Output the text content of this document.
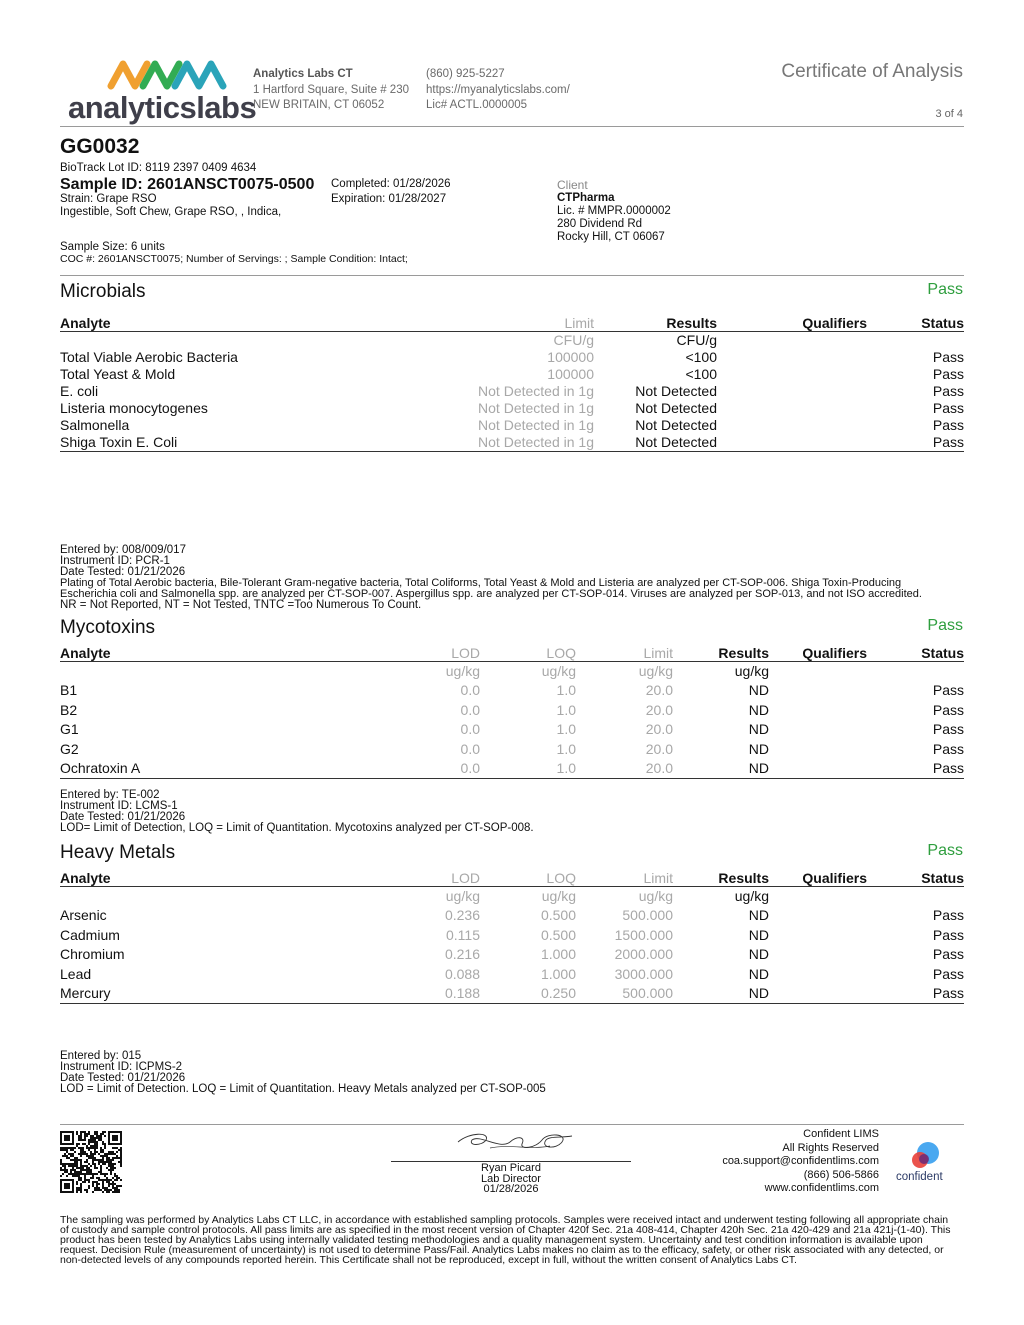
analyticslabs
Analytics Labs CT
1 Hartford Square, Suite # 230
NEW BRITAIN, CT 06052
(860) 925-5227
https://myanalyticslabs.com/
Lic# ACTL.0000005
Certificate of Analysis
3 of 4
GG0032
BioTrack Lot ID: 8119 2397 0409 4634
Sample ID: 2601ANSCT0075-0500
Strain: Grape RSO
Ingestible, Soft Chew, Grape RSO, , Indica,
Completed: 01/28/2026
Expiration: 01/28/2027
Sample Size: 6 units
COC #: 2601ANSCT0075; Number of Servings: ; Sample Condition: Intact;
Client
CTPharma
Lic. # MMPR.0000002
280 Dividend Rd
Rocky Hill, CT 06067
Microbials	Pass
Analyte	Limit	Results	Qualifiers	Status
	CFU/g	CFU/g		
Total Viable Aerobic Bacteria	100000	<100		Pass
Total Yeast & Mold	100000	<100		Pass
E. coli	Not Detected in 1g	Not Detected		Pass
Listeria monocytogenes	Not Detected in 1g	Not Detected		Pass
Salmonella	Not Detected in 1g	Not Detected		Pass
Shiga Toxin E. Coli	Not Detected in 1g	Not Detected		Pass
Entered by: 008/009/017
Instrument ID: PCR-1
Date Tested: 01/21/2026
Plating of Total Aerobic bacteria, Bile-Tolerant Gram-negative bacteria, Total Coliforms, Total Yeast & Mold and Listeria are analyzed per CT-SOP-006. Shiga Toxin-Producing
Escherichia coli and Salmonella spp. are analyzed per CT-SOP-007. Aspergillus spp. are analyzed per CT-SOP-014. Viruses are analyzed per SOP-013, and not ISO accredited.
NR = Not Reported, NT = Not Tested, TNTC =Too Numerous To Count.
Mycotoxins	Pass
Analyte	LOD	LOQ	Limit	Results	Qualifiers	Status
	ug/kg	ug/kg	ug/kg	ug/kg		
B1	0.0	1.0	20.0	ND		Pass
B2	0.0	1.0	20.0	ND		Pass
G1	0.0	1.0	20.0	ND		Pass
G2	0.0	1.0	20.0	ND		Pass
Ochratoxin A	0.0	1.0	20.0	ND		Pass
Entered by: TE-002
Instrument ID: LCMS-1
Date Tested: 01/21/2026
LOD= Limit of Detection, LOQ = Limit of Quantitation. Mycotoxins analyzed per CT-SOP-008.
Heavy Metals	Pass
Analyte	LOD	LOQ	Limit	Results	Qualifiers	Status
	ug/kg	ug/kg	ug/kg	ug/kg		
Arsenic	0.236	0.500	500.000	ND		Pass
Cadmium	0.115	0.500	1500.000	ND		Pass
Chromium	0.216	1.000	2000.000	ND		Pass
Lead	0.088	1.000	3000.000	ND		Pass
Mercury	0.188	0.250	500.000	ND		Pass
Entered by: 015
Instrument ID: ICPMS-2
Date Tested: 01/21/2026
LOD = Limit of Detection. LOQ = Limit of Quantitation. Heavy Metals analyzed per CT-SOP-005
Ryan Picard
Lab Director
01/28/2026
Confident LIMS
All Rights Reserved
coa.support@confidentlims.com
(866) 506-5866
www.confidentlims.com
confident
The sampling was performed by Analytics Labs CT LLC, in accordance with established sampling protocols. Samples were received intact and underwent testing following all appropriate chain
of custody and sample control protocols. All pass limits are as specified in the most recent version of Chapter 420f Sec. 21a 408-414, Chapter 420h Sec. 21a 420-429 and 21a 421j-(1-40). This
product has been tested by Analytics Labs using internally validated testing methodologies and a quality management system. Uncertainty and test condition information is available upon
request. Decision Rule (measurement of uncertainty) is not used to determine Pass/Fail. Analytics Labs makes no claim as to the efficacy, safety, or other risk associated with any detected, or
non-detected levels of any compounds reported herein. This Certificate shall not be reproduced, except in full, without the written consent of Analytics Labs CT.
